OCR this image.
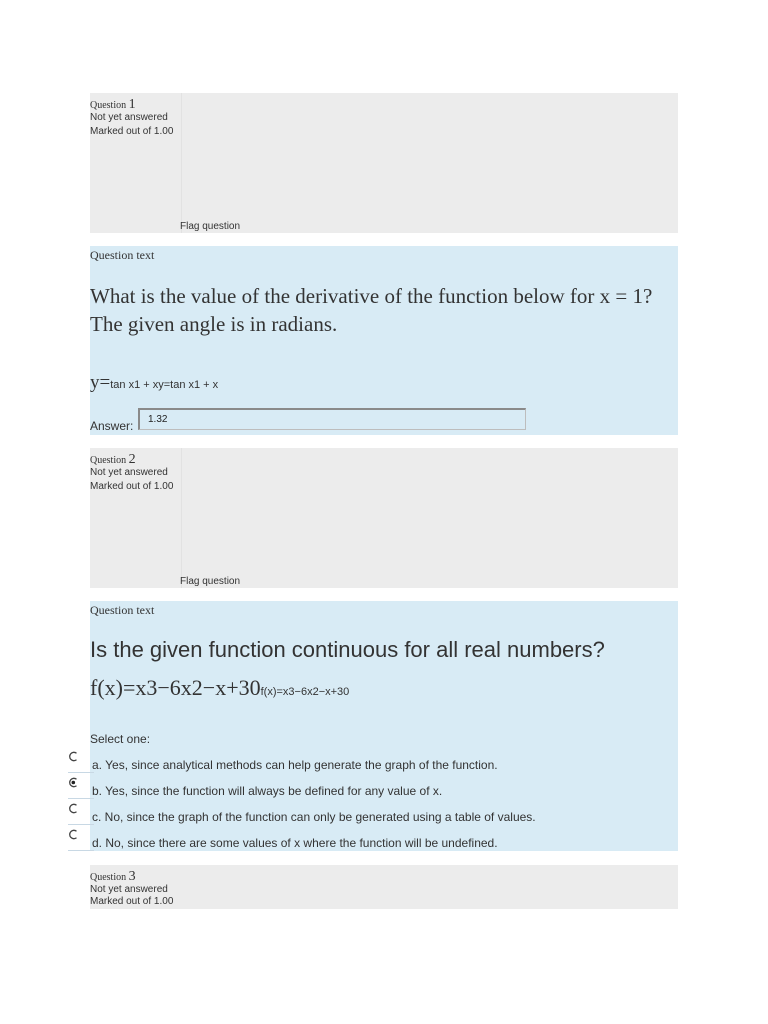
Question 1
Not yet answered
Marked out of 1.00
Flag question
Question text
What is the value of the derivative of the function below for x = 1? The given angle is in radians.
y=tan x1 + xy=tan x1 + x
Answer:
1.32
Question 2
Not yet answered
Marked out of 1.00
Flag question
Question text
Is the given function continuous for all real numbers?
f(x)=x3−6x2−x+30f(x)=x3−6x2−x+30
Select one:
a. Yes, since analytical methods can help generate the graph of the function.
b. Yes, since the function will always be defined for any value of x.
c. No, since the graph of the function can only be generated using a table of values.
d. No, since there are some values of x where the function will be undefined.
Question 3
Not yet answered
Marked out of 1.00
